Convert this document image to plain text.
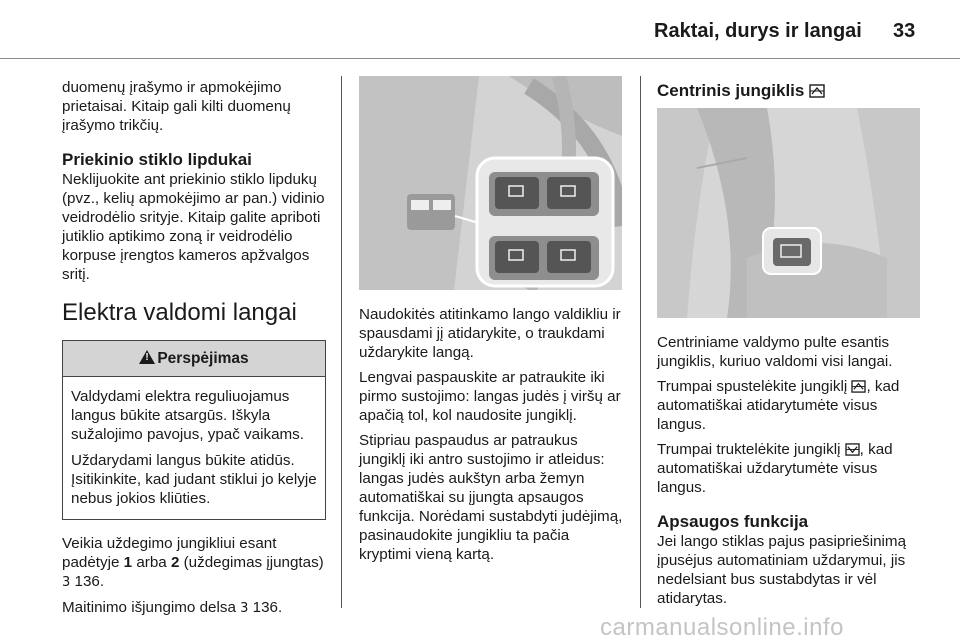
Raktai, durys ir langai 33

duomenų įrašymo ir apmokėjimo prietaisai. Kitaip gali kilti duomenų įrašymo trikčių.

Priekinio stiklo lipdukai

Neklijuokite ant priekinio stiklo lipdukų (pvz., kelių apmokėjimo ar pan.) vidinio veidrodėlio srityje. Kitaip galite apriboti jutiklio aptikimo zoną ir veidrodėlio korpuse įrengtos kameros apžvalgos sritį.

Elektra valdomi langai
!Perspėjimas

Valdydami elektra reguliuojamus langus būkite atsargūs. Iškyla sužalojimo pavojus, ypač vaikams.

Uždarydami langus būkite atidūs. Įsitikinkite, kad judant stiklui jo kelyje nebus jokios kliūties.

Veikia uždegimo jungikliui esant padėtyje 1 arba 2 (uždegimas įjungtas) 3 136.

Maitinimo išjungimo delsa 3 136.

Naudokitės atitinkamo lango valdikliu ir spausdami jį atidarykite, o traukdami uždarykite langą.

Lengvai paspauskite ar patraukite iki pirmo sustojimo: langas judės į viršų ar apačią tol, kol naudosite jungiklį.

Stipriau paspaudus ar patraukus jungiklį iki antro sustojimo ir atleidus: langas judės aukštyn arba žemyn automatiškai su įjungta apsaugos funkcija. Norėdami sustabdyti judėjimą, pasinaudokite jungikliu ta pačia kryptimi vieną kartą.

Centrinis jungiklis

Centriniame valdymo pulte esantis jungiklis, kuriuo valdomi visi langai.

Trumpai spustelėkite jungiklį , kad automatiškai atidarytumėte visus langus.

Trumpai truktelėkite jungiklį , kad automatiškai uždarytumėte visus langus.

Apsaugos funkcija

Jei lango stiklas pajus pasipriešinimą įpusėjus automatiniam uždarymui, jis nedelsiant bus sustabdytas ir vėl atidarytas.

carmanualsonline.info
